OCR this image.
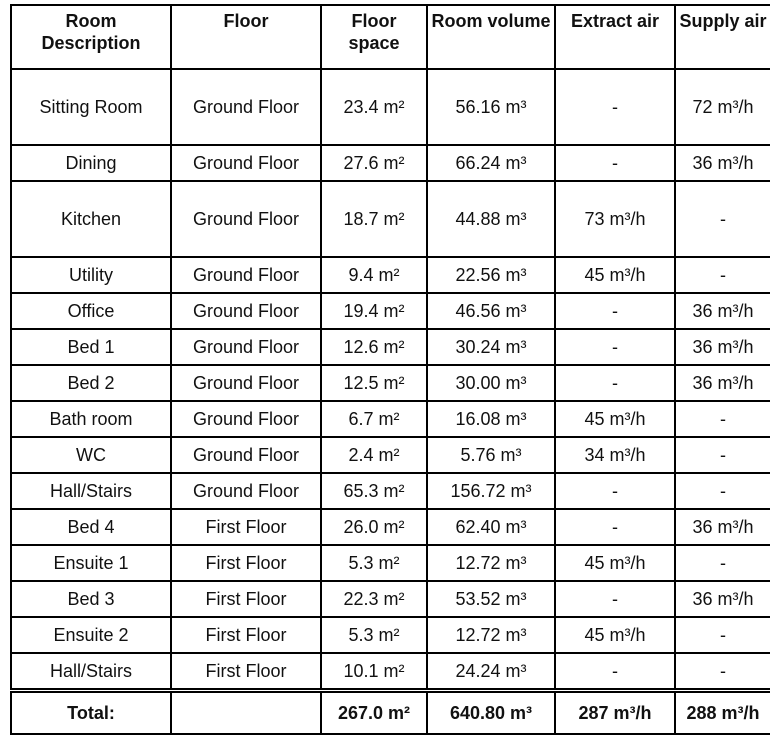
Room Description	Floor	Floor space	Room volume	Extract air	Supply air
Sitting Room	Ground Floor	23.4 m²	56.16 m³	-	72 m³/h
Dining	Ground Floor	27.6 m²	66.24 m³	-	36 m³/h
Kitchen	Ground Floor	18.7 m²	44.88 m³	73 m³/h	-
Utility	Ground Floor	9.4 m²	22.56 m³	45 m³/h	-
Office	Ground Floor	19.4 m²	46.56 m³	-	36 m³/h
Bed 1	Ground Floor	12.6 m²	30.24 m³	-	36 m³/h
Bed 2	Ground Floor	12.5 m²	30.00 m³	-	36 m³/h
Bath room	Ground Floor	6.7 m²	16.08 m³	45 m³/h	-
WC	Ground Floor	2.4 m²	5.76 m³	34 m³/h	-
Hall/Stairs	Ground Floor	65.3 m²	156.72 m³	-	-
Bed 4	First Floor	26.0 m²	62.40 m³	-	36 m³/h
Ensuite 1	First Floor	5.3 m²	12.72 m³	45 m³/h	-
Bed 3	First Floor	22.3 m²	53.52 m³	-	36 m³/h
Ensuite 2	First Floor	5.3 m²	12.72 m³	45 m³/h	-
Hall/Stairs	First Floor	10.1 m²	24.24 m³	-	-
Total:		267.0 m²	640.80 m³	287 m³/h	288 m³/h
